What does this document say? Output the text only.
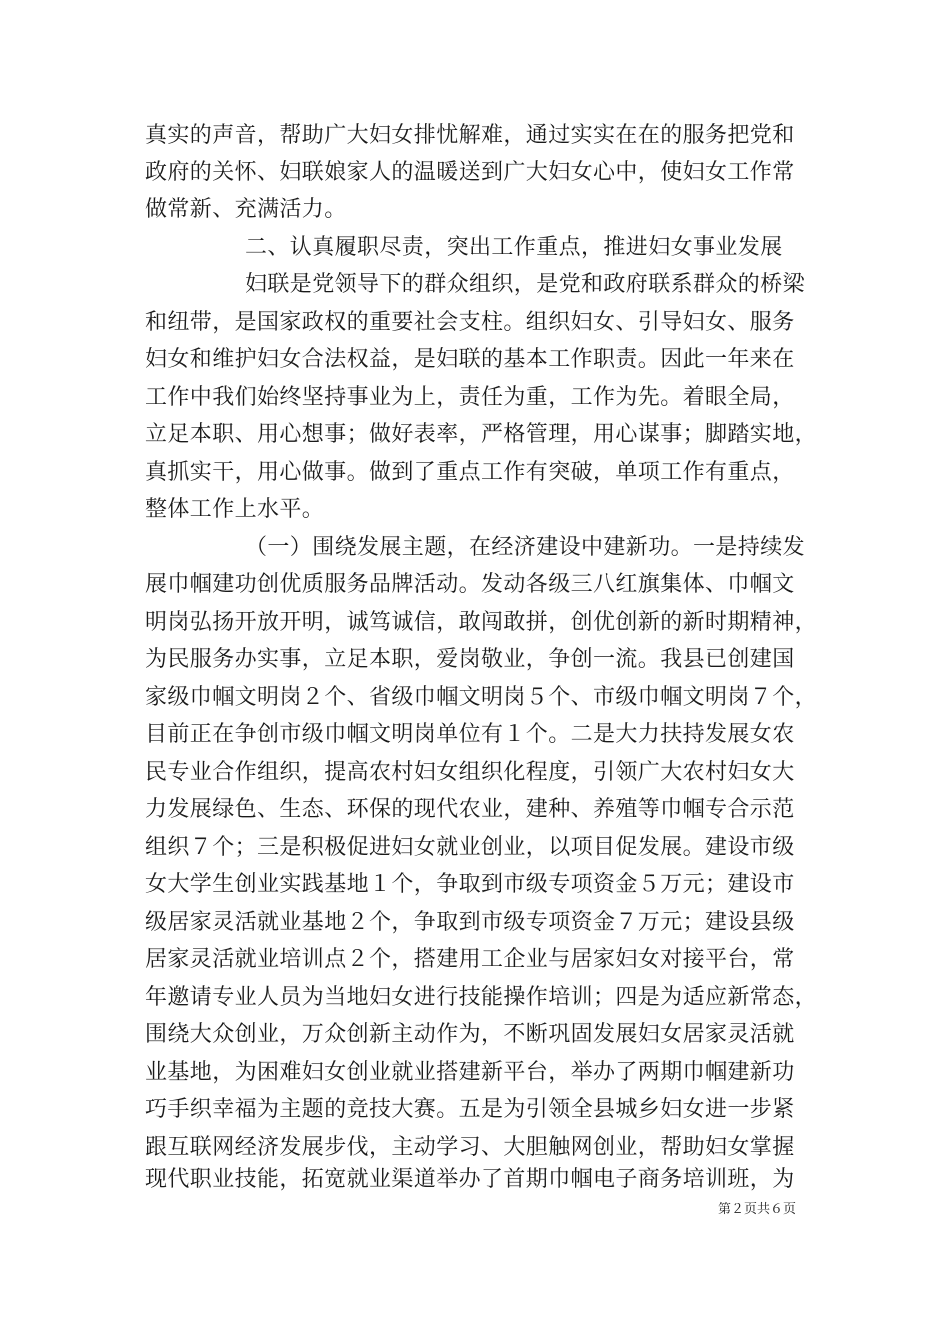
真实的声音，帮助广大妇女排忧解难，通过实实在在的服务把党和
政府的关怀、妇联娘家人的温暖送到广大妇女心中，使妇女工作常
做常新、充满活力。
二、认真履职尽责，突出工作重点，推进妇女事业发展
妇联是党领导下的群众组织，是党和政府联系群众的桥梁
和纽带，是国家政权的重要社会支柱。组织妇女、引导妇女、服务
妇女和维护妇女合法权益，是妇联的基本工作职责。因此一年来在
工作中我们始终坚持事业为上，责任为重，工作为先。着眼全局，
立足本职、用心想事；做好表率，严格管理，用心谋事；脚踏实地，
真抓实干，用心做事。做到了重点工作有突破，单项工作有重点，
整体工作上水平。
（一）围绕发展主题，在经济建设中建新功。一是持续发
展巾帼建功创优质服务品牌活动。发动各级三八红旗集体、巾帼文
明岗弘扬开放开明，诚笃诚信，敢闯敢拼，创优创新的新时期精神，
为民服务办实事，立足本职，爱岗敬业，争创一流。我县已创建国
家级巾帼文明岗２个、省级巾帼文明岗５个、市级巾帼文明岗７个，
目前正在争创市级巾帼文明岗单位有１个。二是大力扶持发展女农
民专业合作组织，提高农村妇女组织化程度，引领广大农村妇女大
力发展绿色、生态、环保的现代农业，建种、养殖等巾帼专合示范
组织７个；三是积极促进妇女就业创业，以项目促发展。建设市级
女大学生创业实践基地１个，争取到市级专项资金５万元；建设市
级居家灵活就业基地２个，争取到市级专项资金７万元；建设县级
居家灵活就业培训点２个，搭建用工企业与居家妇女对接平台，常
年邀请专业人员为当地妇女进行技能操作培训；四是为适应新常态，
围绕大众创业，万众创新主动作为，不断巩固发展妇女居家灵活就
业基地，为困难妇女创业就业搭建新平台，举办了两期巾帼建新功
巧手织幸福为主题的竞技大赛。五是为引领全县城乡妇女进一步紧
跟互联网经济发展步伐，主动学习、大胆触网创业，帮助妇女掌握
现代职业技能，拓宽就业渠道举办了首期巾帼电子商务培训班，为
第２页共６页
